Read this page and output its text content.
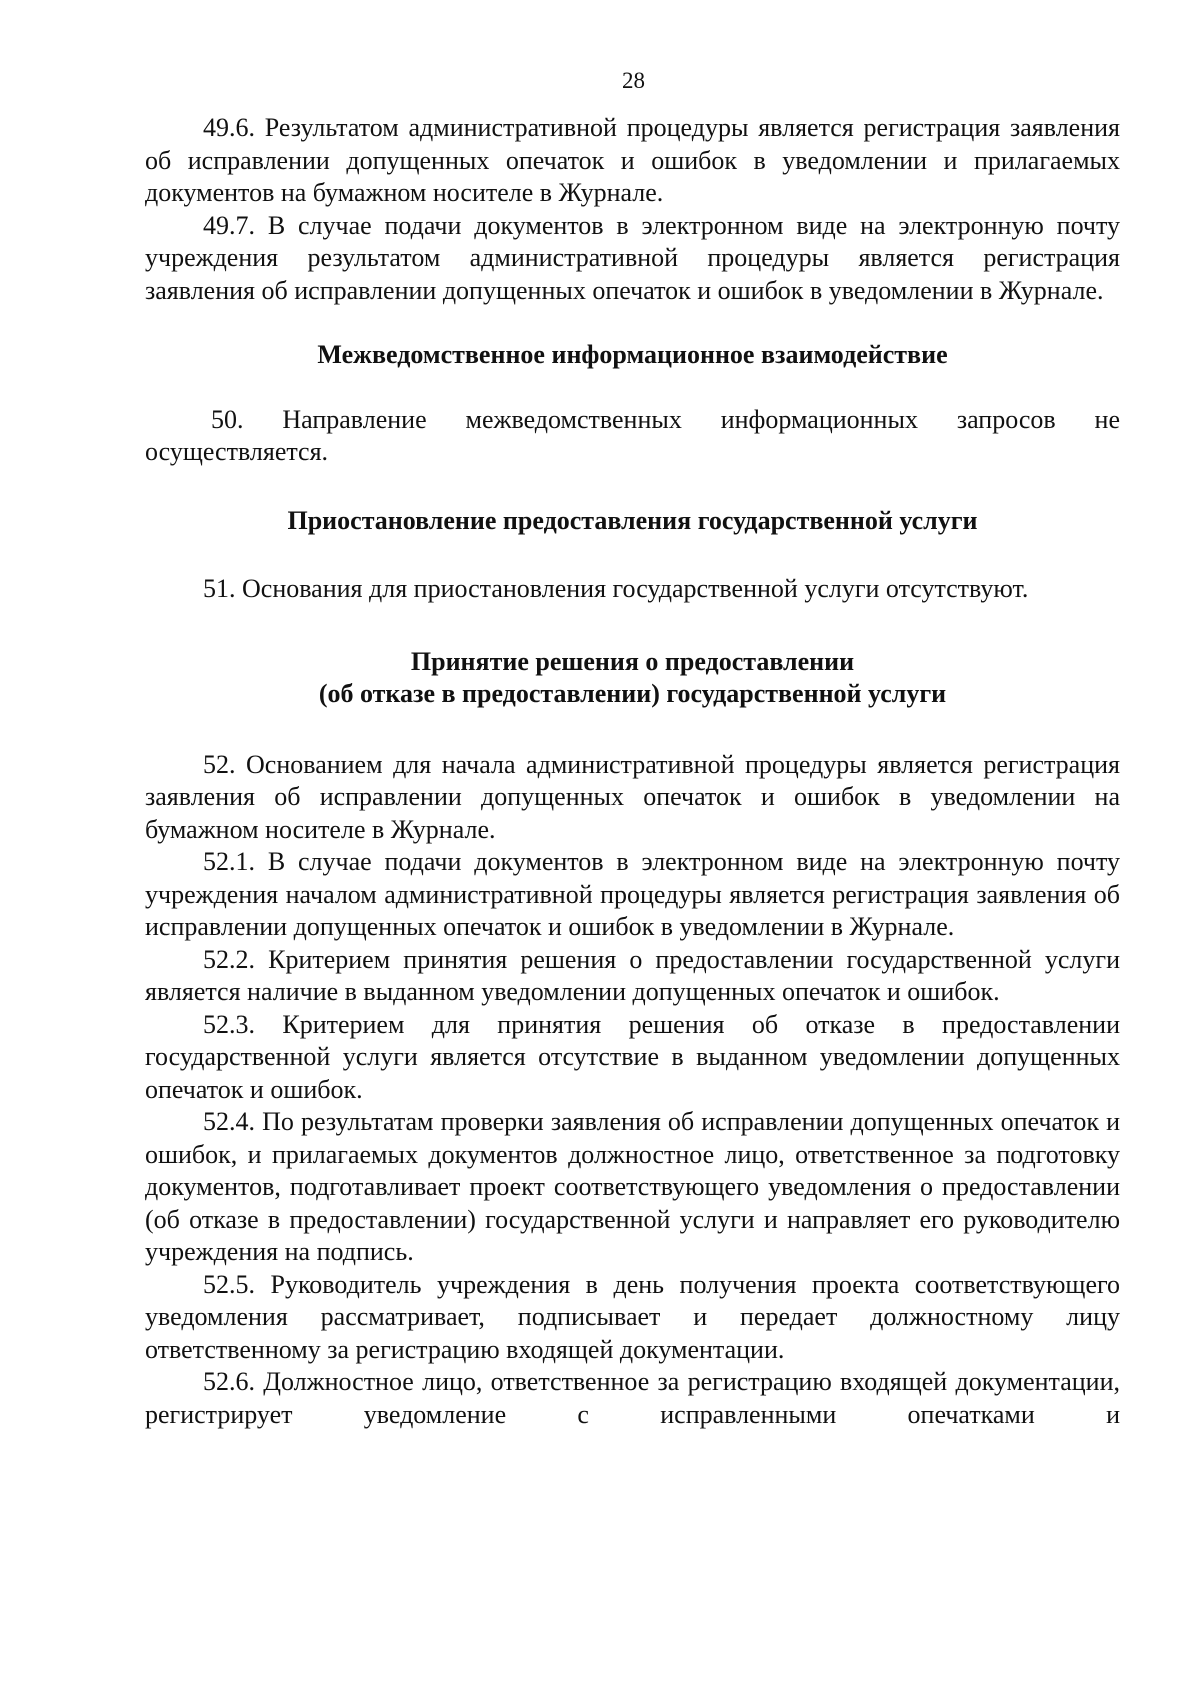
28

49.6. Результатом административной процедуры является регистрация заявления об исправлении допущенных опечаток и ошибок в уведомлении и прилагаемых документов на бумажном носителе в Журнале.

49.7. В случае подачи документов в электронном виде на электронную почту учреждения результатом административной процедуры является регистрация заявления об исправлении допущенных опечаток и ошибок в уведомлении в Журнале.

Межведомственное информационное взаимодействие

50. Направление межведомственных информационных запросов не осуществляется.

Приостановление предоставления государственной услуги

51. Основания для приостановления государственной услуги отсутствуют.

Принятие решения о предоставлении

(об отказе в предоставлении) государственной услуги

52. Основанием для начала административной процедуры является регистрация заявления об исправлении допущенных опечаток и ошибок в уведомлении на бумажном носителе в Журнале.

52.1. В случае подачи документов в электронном виде на электронную почту учреждения началом административной процедуры является регистрация заявления об исправлении допущенных опечаток и ошибок в уведомлении в Журнале.

52.2. Критерием принятия решения о предоставлении государственной услуги является наличие в выданном уведомлении допущенных опечаток и ошибок.

52.3. Критерием для принятия решения об отказе в предоставлении государственной услуги является отсутствие в выданном уведомлении допущенных опечаток и ошибок.

52.4. По результатам проверки заявления об исправлении допущенных опечаток и ошибок, и прилагаемых документов должностное лицо, ответственное за подготовку документов, подготавливает проект соответствующего уведомления о предоставлении (об отказе в предоставлении) государственной услуги и направляет его руководителю учреждения на подпись.

52.5. Руководитель учреждения в день получения проекта соответствующего уведомления рассматривает, подписывает и передает должностному лицу ответственному за регистрацию входящей документации.

52.6. Должностное лицо, ответственное за регистрацию входящей документации, регистрирует уведомление с исправленными опечатками и
